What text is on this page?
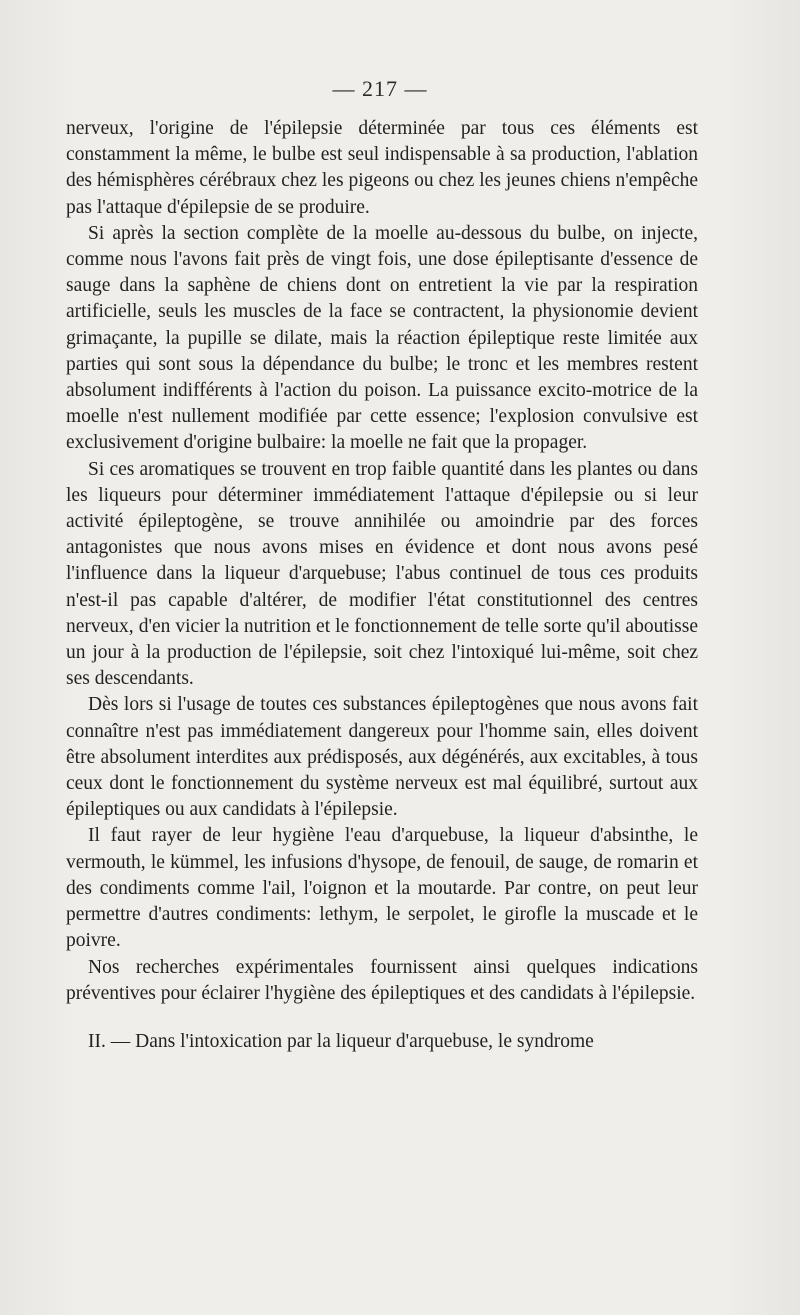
— 217 —

nerveux, l'origine de l'épilepsie déterminée par tous ces éléments est constamment la même, le bulbe est seul indispensable à sa production, l'ablation des hémisphères cérébraux chez les pigeons ou chez les jeunes chiens n'empêche pas l'attaque d'épilepsie de se produire.

Si après la section complète de la moelle au-dessous du bulbe, on injecte, comme nous l'avons fait près de vingt fois, une dose épileptisante d'essence de sauge dans la saphène de chiens dont on entretient la vie par la respiration artificielle, seuls les muscles de la face se contractent, la physionomie devient grimaçante, la pupille se dilate, mais la réaction épileptique reste limitée aux parties qui sont sous la dépendance du bulbe; le tronc et les membres restent absolument indifférents à l'action du poison. La puissance excito-motrice de la moelle n'est nullement modifiée par cette essence; l'explosion convulsive est exclusivement d'origine bulbaire: la moelle ne fait que la propager.

Si ces aromatiques se trouvent en trop faible quantité dans les plantes ou dans les liqueurs pour déterminer immédiatement l'attaque d'épilepsie ou si leur activité épileptogène, se trouve annihilée ou amoindrie par des forces antagonistes que nous avons mises en évidence et dont nous avons pesé l'influence dans la liqueur d'arquebuse; l'abus continuel de tous ces produits n'est-il pas capable d'altérer, de modifier l'état constitutionnel des centres nerveux, d'en vicier la nutrition et le fonctionnement de telle sorte qu'il aboutisse un jour à la production de l'épilepsie, soit chez l'intoxiqué lui-même, soit chez ses descendants.

Dès lors si l'usage de toutes ces substances épileptogènes que nous avons fait connaître n'est pas immédiatement dangereux pour l'homme sain, elles doivent être absolument interdites aux prédisposés, aux dégénérés, aux excitables, à tous ceux dont le fonctionnement du système nerveux est mal équilibré, surtout aux épileptiques ou aux candidats à l'épilepsie.

Il faut rayer de leur hygiène l'eau d'arquebuse, la liqueur d'absinthe, le vermouth, le kümmel, les infusions d'hysope, de fenouil, de sauge, de romarin et des condiments comme l'ail, l'oignon et la moutarde. Par contre, on peut leur permettre d'autres condiments: lethym, le serpolet, le girofle la muscade et le poivre.

Nos recherches expérimentales fournissent ainsi quelques indications préventives pour éclairer l'hygiène des épileptiques et des candidats à l'épilepsie.

II. — Dans l'intoxication par la liqueur d'arquebuse, le syndrome
